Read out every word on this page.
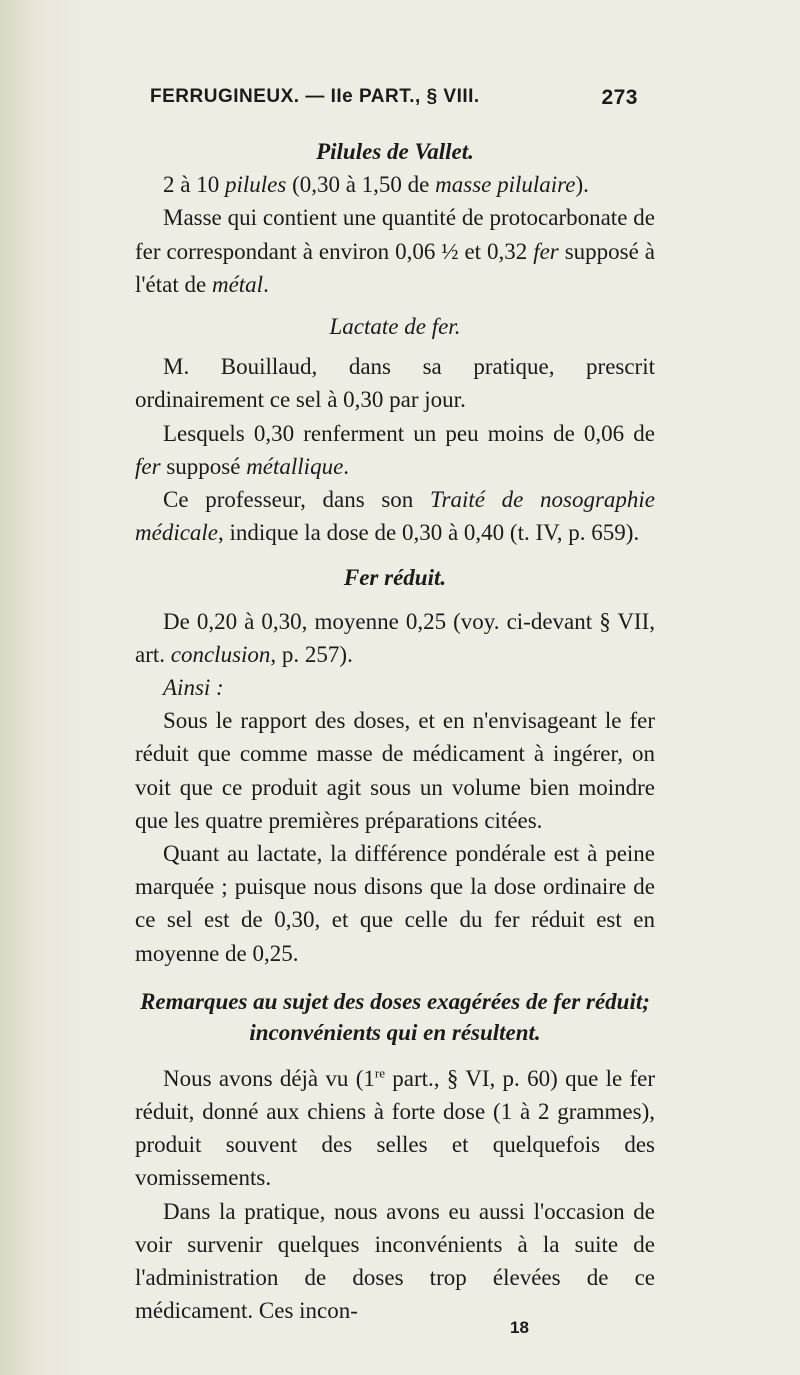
FERRUGINEUX. — IIe PART., § VIII.	273

Pilules de Vallet.

2 à 10 pilules (0,30 à 1,50 de masse pilulaire).

Masse qui contient une quantité de protocarbonate de fer correspondant à environ 0,06 ½ et 0,32 fer supposé à l'état de métal.

Lactate de fer.

M. Bouillaud, dans sa pratique, prescrit ordinairement ce sel à 0,30 par jour.

Lesquels 0,30 renferment un peu moins de 0,06 de fer supposé métallique.

Ce professeur, dans son Traité de nosographie médicale, indique la dose de 0,30 à 0,40 (t. IV, p. 659).

Fer réduit.

De 0,20 à 0,30, moyenne 0,25 (voy. ci-devant § VII, art. conclusion, p. 257).

Ainsi :

Sous le rapport des doses, et en n'envisageant le fer réduit que comme masse de médicament à ingérer, on voit que ce produit agit sous un volume bien moindre que les quatre premières préparations citées.

Quant au lactate, la différence pondérale est à peine marquée ; puisque nous disons que la dose ordinaire de ce sel est de 0,30, et que celle du fer réduit est en moyenne de 0,25.

Remarques au sujet des doses exagérées de fer réduit;
inconvénients qui en résultent.

Nous avons déjà vu (1re part., § VI, p. 60) que le fer réduit, donné aux chiens à forte dose (1 à 2 grammes), produit souvent des selles et quelquefois des vomissements.

Dans la pratique, nous avons eu aussi l'occasion de voir survenir quelques inconvénients à la suite de l'administration de doses trop élevées de ce médicament. Ces incon-

18
